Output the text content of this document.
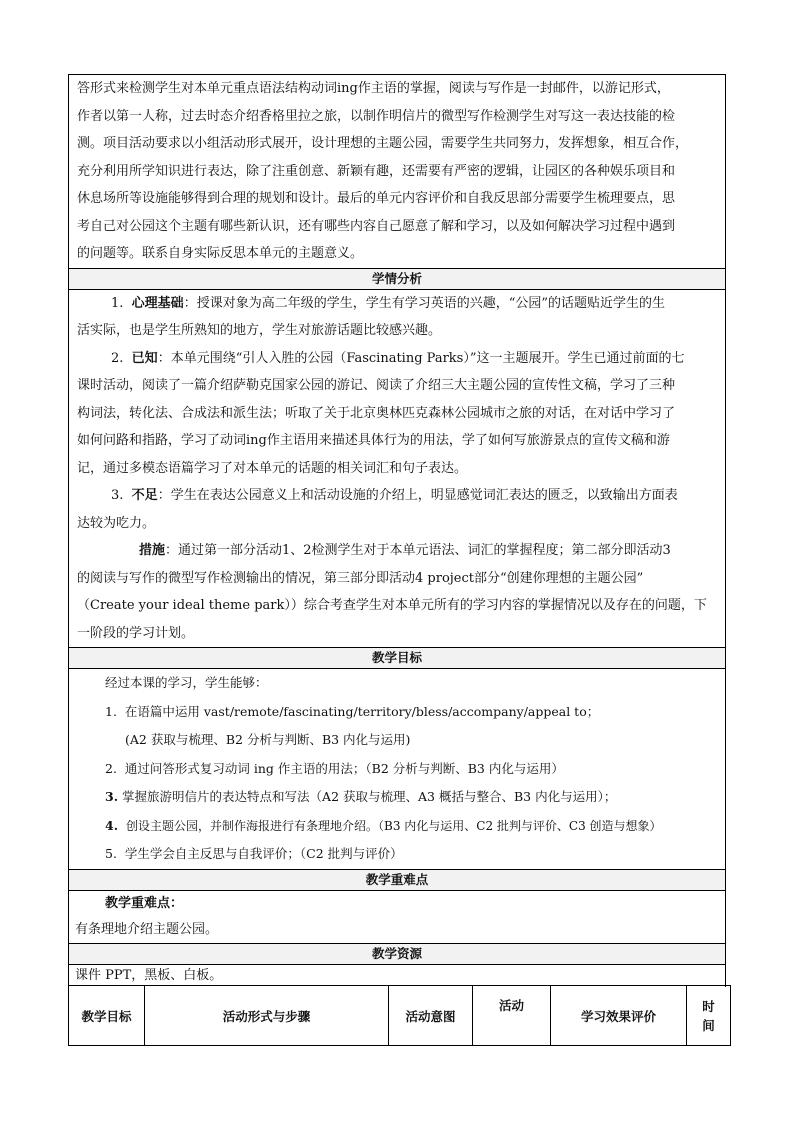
答形式来检测学生对本单元重点语法结构动词ing作主语的掌握，阅读与写作是一封邮件，以游记形式，

作者以第一人称，过去时态介绍香格里拉之旅，以制作明信片的微型写作检测学生对写这一表达技能的检

测。项目活动要求以小组活动形式展开，设计理想的主题公园，需要学生共同努力，发挥想象，相互合作，

充分利用所学知识进行表达，除了注重创意、新颖有趣，还需要有严密的逻辑，让园区的各种娱乐项目和

休息场所等设施能够得到合理的规划和设计。最后的单元内容评价和自我反思部分需要学生梳理要点，思

考自己对公园这个主题有哪些新认识，还有哪些内容自己愿意了解和学习，以及如何解决学习过程中遇到

的问题等。联系自身实际反思本单元的主题意义。

学情分析

1. 心理基础：授课对象为高二年级的学生，学生有学习英语的兴趣，“公园”的话题贴近学生的生

活实际，也是学生所熟知的地方，学生对旅游话题比较感兴趣。

2. 已知：本单元围绕“引人入胜的公园（Fascinating Parks）”这一主题展开。学生已通过前面的七

课时活动，阅读了一篇介绍萨勒克国家公园的游记、阅读了介绍三大主题公园的宣传性文稿，学习了三种

构词法，转化法、合成法和派生法；听取了关于北京奥林匹克森林公园城市之旅的对话，在对话中学习了

如何问路和指路，学习了动词ing作主语用来描述具体行为的用法，学了如何写旅游景点的宣传文稿和游

记，通过多模态语篇学习了对本单元的话题的相关词汇和句子表达。

3. 不足：学生在表达公园意义上和活动设施的介绍上，明显感觉词汇表达的匮乏，以致输出方面表

达较为吃力。

措施：通过第一部分活动1、2检测学生对于本单元语法、词汇的掌握程度；第二部分即活动3

的阅读与写作的微型写作检测输出的情况，第三部分即活动4 project部分“创建你理想的主题公园”

（Create your ideal theme park））综合考查学生对本单元所有的学习内容的掌握情况以及存在的问题，下

一阶段的学习计划。

教学目标

经过本课的学习，学生能够：

1. 在语篇中运用 vast/remote/fascinating/territory/bless/accompany/appeal to；

(A2 获取与梳理、B2 分析与判断、B3 内化与运用)

2. 通过问答形式复习动词 ing 作主语的用法；（B2 分析与判断、B3 内化与运用）

3. 掌握旅游明信片的表达特点和写法（A2 获取与梳理、A3 概括与整合、B3 内化与运用）；

4. 创设主题公园，并制作海报进行有条理地介绍。（B3 内化与运用、C2 批判与评价、C3 创造与想象）

5. 学生学会自主反思与自我评价；（C2 批判与评价）

教学重难点

教学重难点：

有条理地介绍主题公园。

教学资源

课件 PPT，黑板、白板。

教学目标	活动形式与步骤	活动意图	活动	学习效果评价	时
间
